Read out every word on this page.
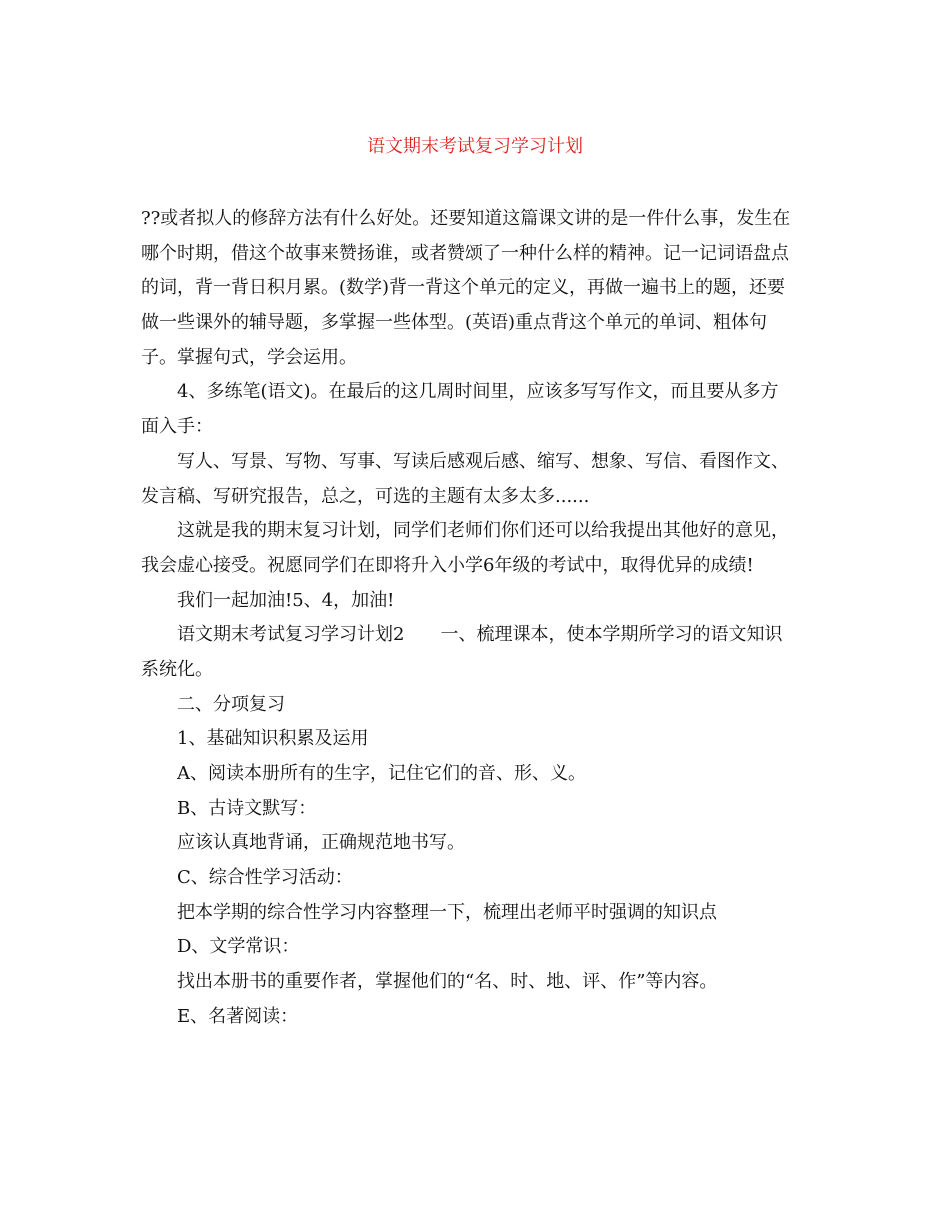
语文期末考试复习学习计划
??或者拟人的修辞方法有什么好处。还要知道这篇课文讲的是一件什么事，发生在
哪个时期，借这个故事来赞扬谁，或者赞颂了一种什么样的精神。记一记词语盘点
的词，背一背日积月累。(数学)背一背这个单元的定义，再做一遍书上的题，还要
做一些课外的辅导题，多掌握一些体型。(英语)重点背这个单元的单词、粗体句
子。掌握句式，学会运用。
4、多练笔(语文)。在最后的这几周时间里，应该多写写作文，而且要从多方
面入手：
写人、写景、写物、写事、写读后感观后感、缩写、想象、写信、看图作文、
发言稿、写研究报告，总之，可选的主题有太多太多......
这就是我的期末复习计划，同学们老师们你们还可以给我提出其他好的意见，
我会虚心接受。祝愿同学们在即将升入小学6年级的考试中，取得优异的成绩!
我们一起加油!5、4，加油!
语文期末考试复习学习计划2 一、梳理课本，使本学期所学习的语文知识
系统化。
二、分项复习
1、基础知识积累及运用
A、阅读本册所有的生字，记住它们的音、形、义。
B、古诗文默写：
应该认真地背诵，正确规范地书写。
C、综合性学习活动：
把本学期的综合性学习内容整理一下，梳理出老师平时强调的知识点
D、文学常识：
找出本册书的重要作者，掌握他们的“名、时、地、评、作”等内容。
E、名著阅读：
